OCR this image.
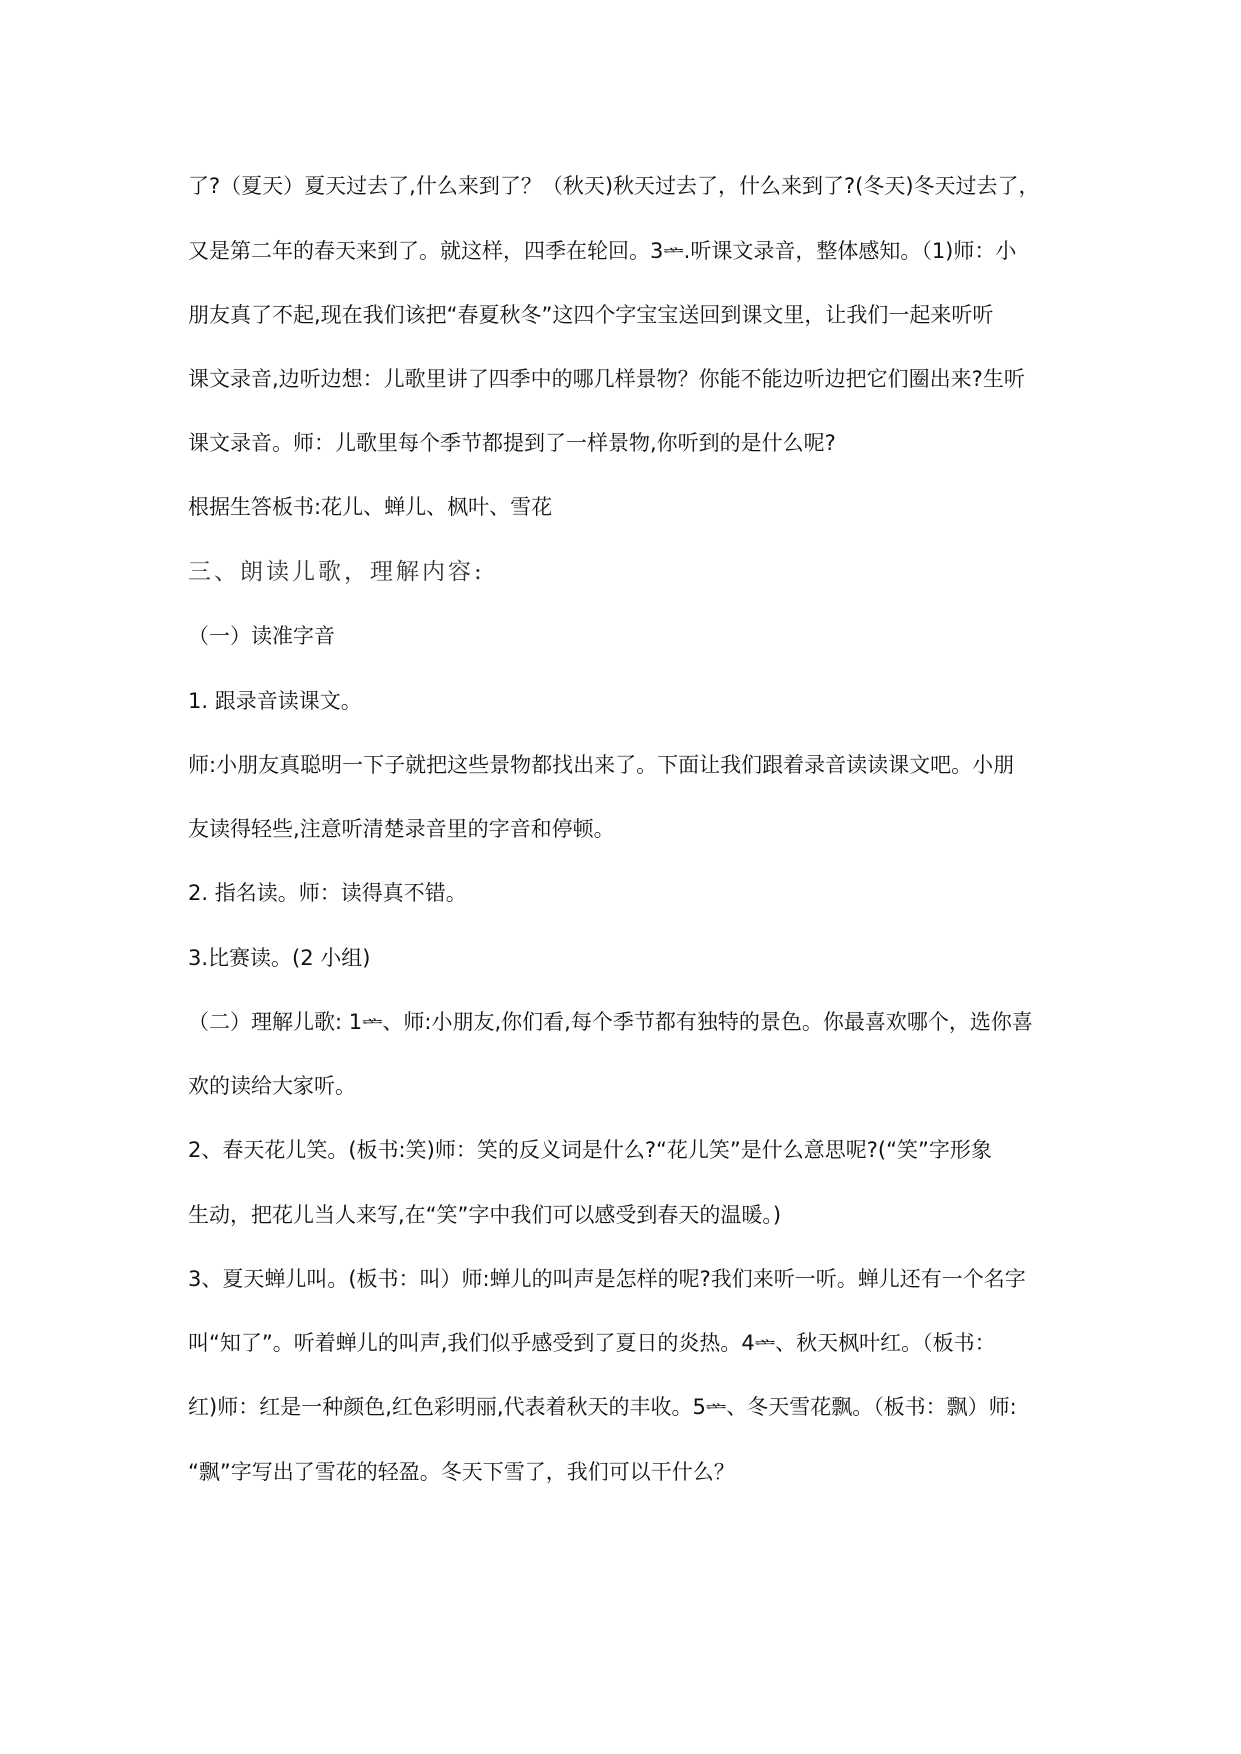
了?（夏天）夏天过去了,什么来到了？（秋天)秋天过去了，什么来到了?(冬天)冬天过去了，
又是第二年的春天来到了。就这样，四季在轮回。3ᆇ.听课文录音，整体感知。（1)师：小
朋友真了不起,现在我们该把“春夏秋冬”这四个字宝宝送回到课文里，让我们一起来听听
课文录音,边听边想：儿歌里讲了四季中的哪几样景物？你能不能边听边把它们圈出来?生听
课文录音。师：儿歌里每个季节都提到了一样景物,你听到的是什么呢?
根据生答板书:花儿、蝉儿、枫叶、雪花
三、朗读儿歌，理解内容:
（一）读准字音
1. 跟录音读课文。
师:小朋友真聪明一下子就把这些景物都找出来了。下面让我们跟着录音读读课文吧。小朋
友读得轻些,注意听清楚录音里的字音和停顿。
2. 指名读。师：读得真不错。
3.比赛读。(2 小组)
（二）理解儿歌: 1ᆇ、师:小朋友,你们看,每个季节都有独特的景色。你最喜欢哪个，选你喜
欢的读给大家听。
2、春天花儿笑。(板书:笑)师：笑的反义词是什么?“花儿笑”是什么意思呢?(“笑”字形象
生动，把花儿当人来写,在“笑”字中我们可以感受到春天的温暖。)
3、夏天蝉儿叫。(板书：叫）师:蝉儿的叫声是怎样的呢?我们来听一听。蝉儿还有一个名字
叫“知了”。听着蝉儿的叫声,我们似乎感受到了夏日的炎热。4ᆇ、秋天枫叶红。（板书：
红)师：红是一种颜色,红色彩明丽,代表着秋天的丰收。5ᆇ、冬天雪花飘。（板书：飘）师:
“飘”字写出了雪花的轻盈。冬天下雪了，我们可以干什么？
